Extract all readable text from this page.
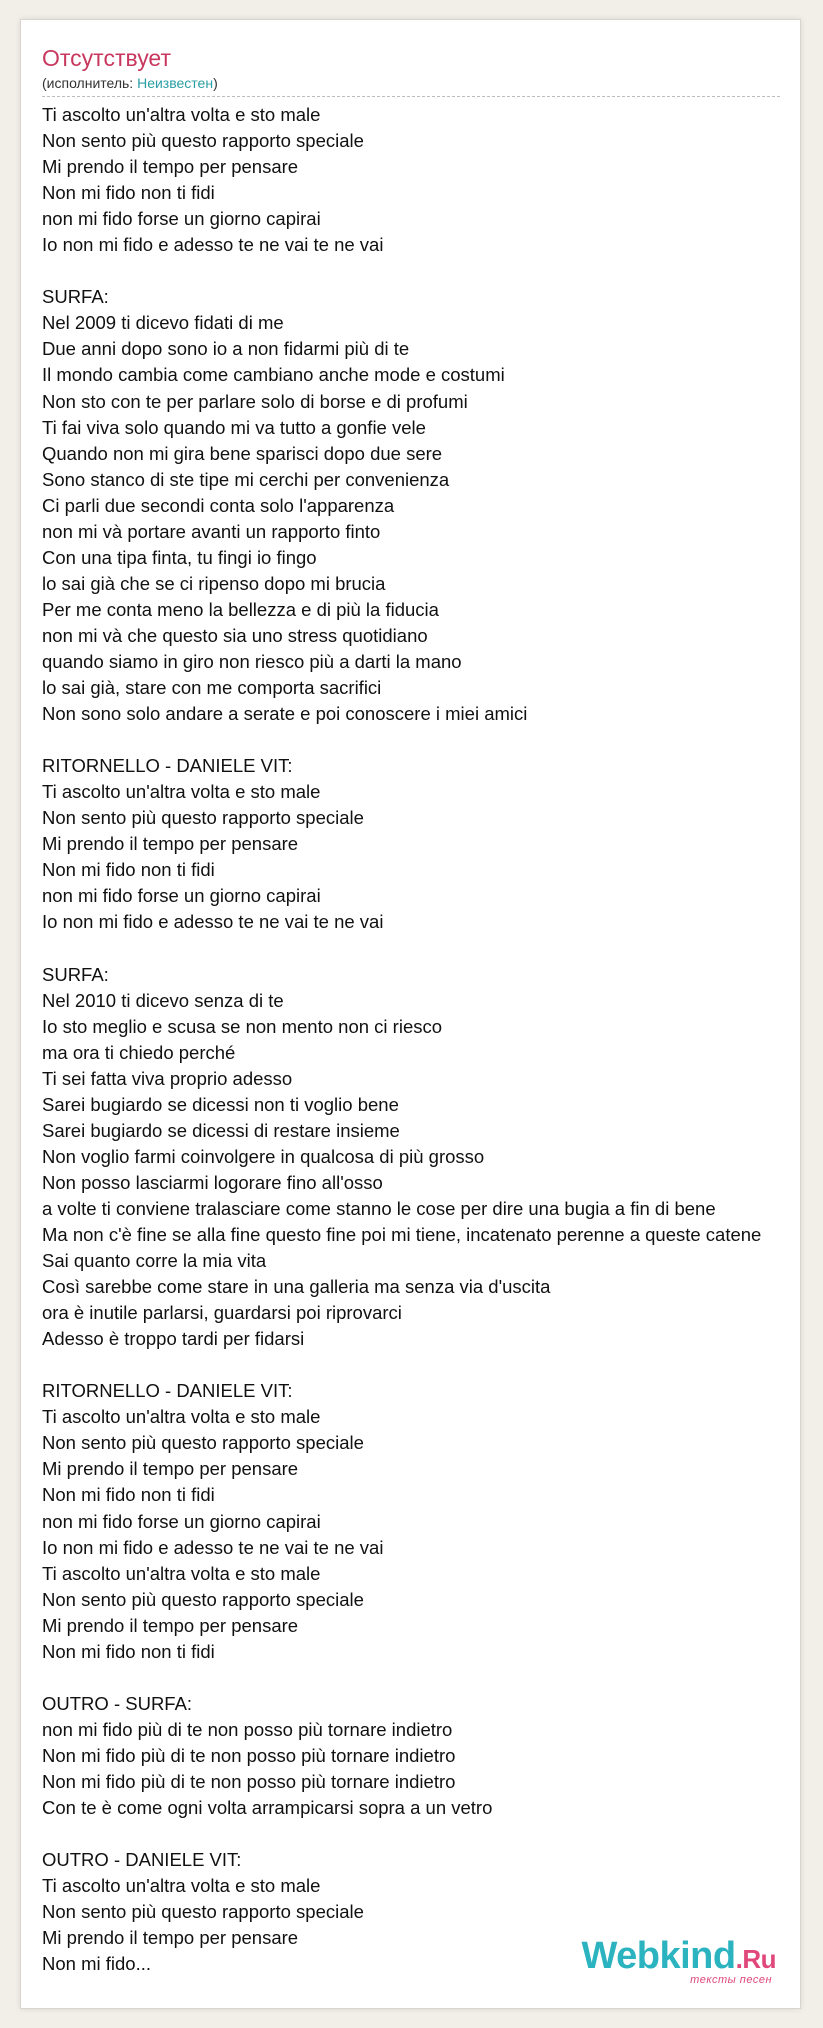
Отсутствует
(исполнитель: Неизвестен)
Ti ascolto un'altra volta e sto male
Non sento più questo rapporto speciale
Mi prendo il tempo per pensare
Non mi fido non ti fidi
non mi fido forse un giorno capirai
Io non mi fido e adesso te ne vai te ne vai
SURFA:
Nel 2009 ti dicevo fidati di me
Due anni dopo sono io a non fidarmi più di te
Il mondo cambia come cambiano anche mode e costumi
Non sto con te per parlare solo di borse e di profumi
Ti fai viva solo quando mi va tutto a gonfie vele
Quando non mi gira bene sparisci dopo due sere
Sono stanco di ste tipe mi cerchi per convenienza
Ci parli due secondi conta solo l'apparenza
non mi và portare avanti un rapporto finto
Con una tipa finta, tu fingi io fingo
lo sai già che se ci ripenso dopo mi brucia
Per me conta meno la bellezza e di più la fiducia
non mi và che questo sia uno stress quotidiano
quando siamo in giro non riesco più a darti la mano
lo sai già, stare con me comporta sacrifici
Non sono solo andare a serate e poi conoscere i miei amici
RITORNELLO - DANIELE VIT:
Ti ascolto un'altra volta e sto male
Non sento più questo rapporto speciale
Mi prendo il tempo per pensare
Non mi fido non ti fidi
non mi fido forse un giorno capirai
Io non mi fido e adesso te ne vai te ne vai
SURFA:
Nel 2010 ti dicevo senza di te
Io sto meglio e scusa se non mento non ci riesco
ma ora ti chiedo perché
Ti sei fatta viva proprio adesso
Sarei bugiardo se dicessi non ti voglio bene
Sarei bugiardo se dicessi di restare insieme
Non voglio farmi coinvolgere in qualcosa di più grosso
Non posso lasciarmi logorare fino all'osso
a volte ti conviene tralasciare come stanno le cose per dire una bugia a fin di bene
Ma non c'è fine se alla fine questo fine poi mi tiene, incatenato perenne a queste catene
Sai quanto corre la mia vita
Così sarebbe come stare in una galleria ma senza via d'uscita
ora è inutile parlarsi, guardarsi poi riprovarci
Adesso è troppo tardi per fidarsi
RITORNELLO - DANIELE VIT:
Ti ascolto un'altra volta e sto male
Non sento più questo rapporto speciale
Mi prendo il tempo per pensare
Non mi fido non ti fidi
non mi fido forse un giorno capirai
Io non mi fido e adesso te ne vai te ne vai
Ti ascolto un'altra volta e sto male
Non sento più questo rapporto speciale
Mi prendo il tempo per pensare
Non mi fido non ti fidi
OUTRO - SURFA:
non mi fido più di te non posso più tornare indietro
Non mi fido più di te non posso più tornare indietro
Non mi fido più di te non posso più tornare indietro
Con te è come ogni volta arrampicarsi sopra a un vetro
OUTRO - DANIELE VIT:
Ti ascolto un'altra volta e sto male
Non sento più questo rapporto speciale
Mi prendo il tempo per pensare
Non mi fido...	Webkind.Ru
тексты песен
